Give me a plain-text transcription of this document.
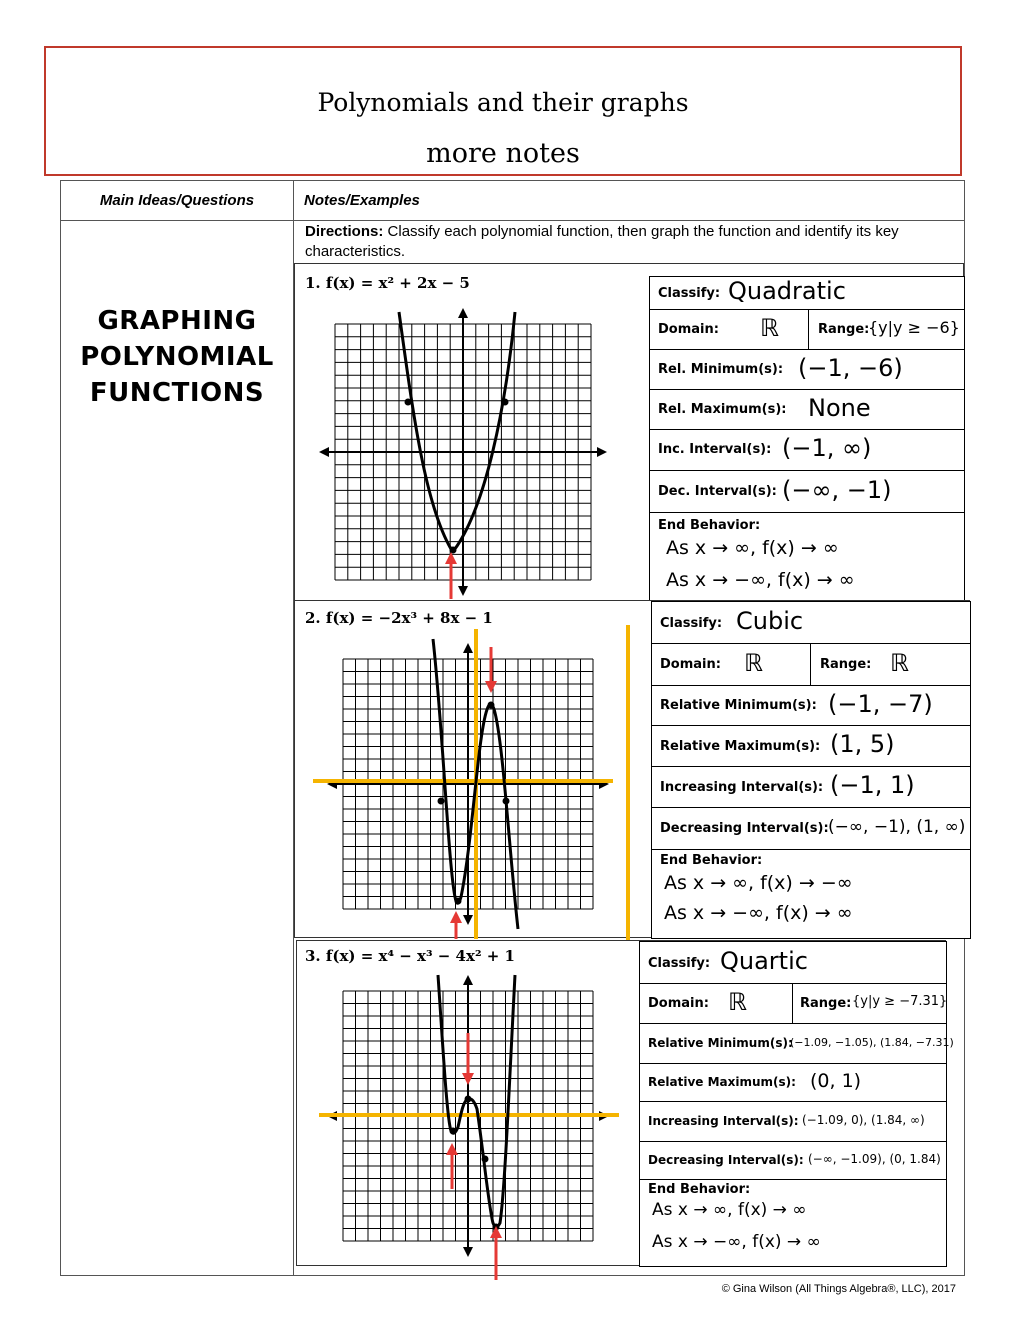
Polynomials and their graphs
more notes
Main Ideas/Questions	Notes/Examples
GRAPHING
POLYNOMIAL
FUNCTIONS
Directions: Classify each polynomial function, then graph the function and identify its key characteristics.
1. f(x) = x² + 2x − 5
Classify: Quadratic
Domain: ℝ	Range:
{y|y ≥ −6}
Rel. Minimum(s): (−1, −6)
Rel. Maximum(s): None
Inc. Interval(s): (−1, ∞)
Dec. Interval(s): (−∞, −1)
End Behavior:
As x → ∞, f(x) → ∞
As x → −∞, f(x) → ∞
2. f(x) = −2x³ + 8x − 1	Classify: Cubic
Domain: ℝ	Range: ℝ
Relative Minimum(s): (−1, −7)
Relative Maximum(s): (1, 5)
Increasing Interval(s): (−1, 1)
Decreasing Interval(s): (−∞, −1), (1, ∞)
End Behavior:
As x → ∞, f(x) → −∞
As x → −∞, f(x) → ∞
3. f(x) = x⁴ − x³ − 4x² + 1	Classify: Quartic
Domain: ℝ	Range: {y|y ≥ −7.31}
Relative Minimum(s):
(−1.09, −1.05), (1.84, −7.31)
Relative Maximum(s): (0, 1)
Increasing Interval(s): (−1.09, 0), (1.84, ∞)
Decreasing Interval(s): (−∞, −1.09), (0, 1.84)
End Behavior:
As x → ∞, f(x) → ∞
As x → −∞, f(x) → ∞
© Gina Wilson (All Things Algebra®, LLC), 2017
